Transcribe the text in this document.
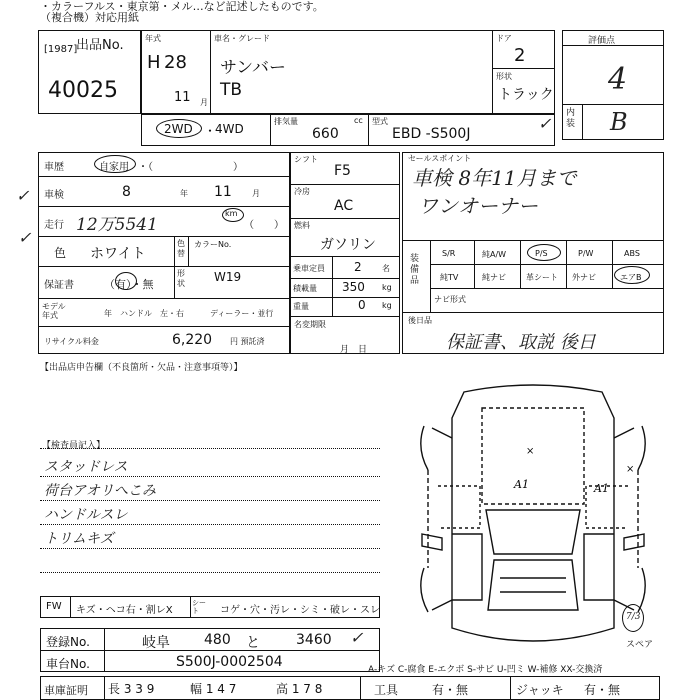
・カラーフルス・東京第・メル…など記述したものです。
（複合機）対応用紙
出品No.
[1987]
40025
年式
H 28
11 月
車名・グレード
サンバー
TB
ドア
2
形状
トラック
評価点
4
内装 B
2WD ・
4WD
排気量	cc
660
型式
EBD -S500J
車歴	自家用 ・（　　　　　　　　）
車検	8	年 11	月
走行 12万5541
km
（　　）
色 ホワイト
色替
カラーNo.
W19
保証書	（有）・無
形状
モデル年式	年　ハンドル　左・右	ディーラー・並行
リサイクル料金	6,220 円 預託済
シフト
F5
冷房
AC
燃料
ガソリン
乗車定員 2	名
積載量 350 kg
重量	0 kg
名変期限
月　日
セールスポイント
車検 8年11月まで
ワンオーナー
装備品
S/R	純A/W	P/S	P/W	ABS
純TV	純ナビ	革シート 外ナビ	エアB
ナビ形式
後日品
保証書、取説 後日
【出品店申告欄（不良箇所・欠品・注意事項等）】
【検査員記入】
スタッドレス
荷台アオリへこみ
ハンドルスレ
トリムキズ
FW キズ・ヘコ右・割レX
シート	コゲ・穴・汚レ・シミ・破レ・スレ
登録No.	岐阜 480 と	3460
車台No.	S500J-0002504	A-キズ C-腐食 E-エクボ S-サビ U-凹ミ W-補修 XX-交換済
車庫証明 長 3 3 9	幅 1 4 7	高 1 7 8	工具	有・無	ジャッキ 有・無
×
A1	A1
×
7/3
スペア
✓
✓
✓
✓
